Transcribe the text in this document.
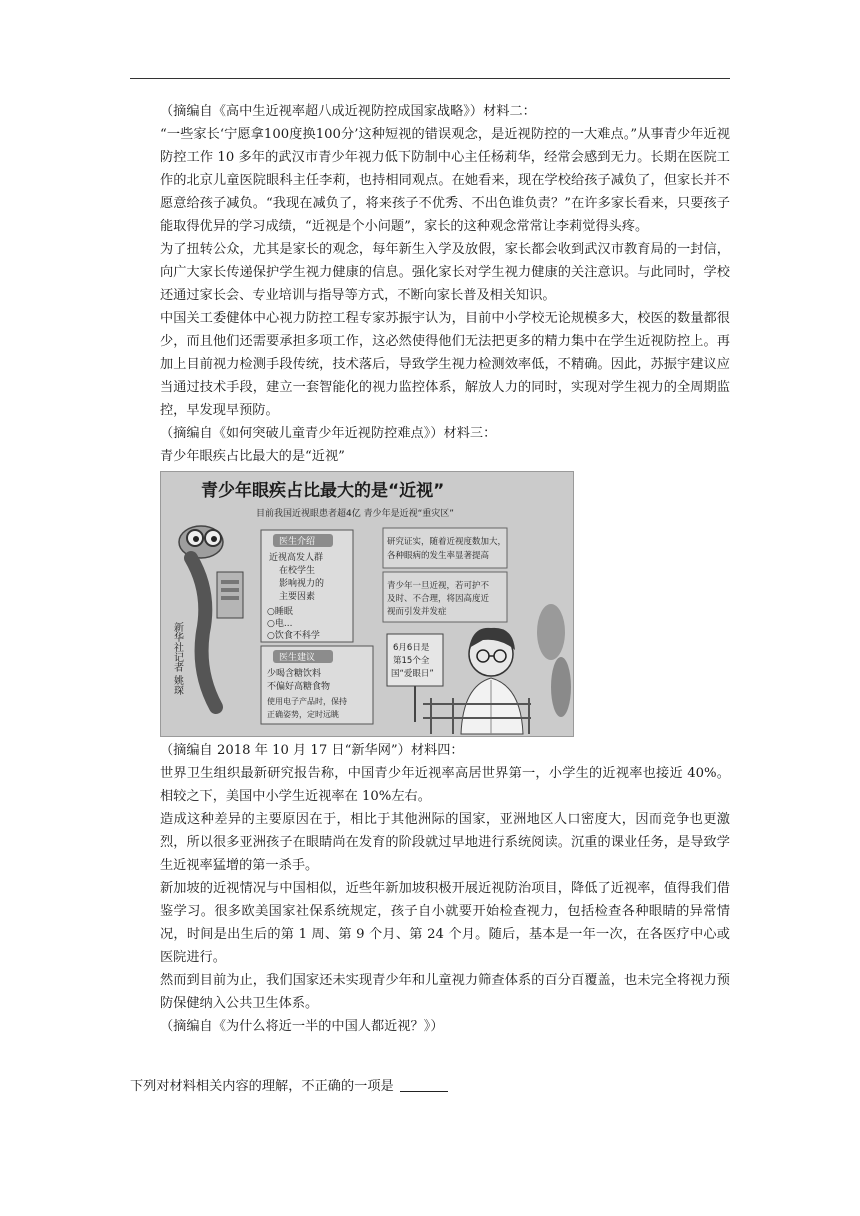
（摘编自《高中生近视率超八成近视防控成国家战略》）材料二：

“一些家长‘宁愿拿100度换100分’这种短视的错误观念，是近视防控的一大难点。”从事青少年近视防控工作 10 多年的武汉市青少年视力低下防制中心主任杨莉华，经常会感到无力。长期在医院工作的北京儿童医院眼科主任李莉，也持相同观点。在她看来，现在学校给孩子减负了，但家长并不愿意给孩子减负。“我现在减负了，将来孩子不优秀、不出色谁负责？”在许多家长看来，只要孩子能取得优异的学习成绩，“近视是个小问题”，家长的这种观念常常让李莉觉得头疼。

为了扭转公众，尤其是家长的观念，每年新生入学及放假，家长都会收到武汉市教育局的一封信，向广大家长传递保护学生视力健康的信息。强化家长对学生视力健康的关注意识。与此同时，学校还通过家长会、专业培训与指导等方式，不断向家长普及相关知识。

中国关工委健体中心视力防控工程专家苏振宇认为，目前中小学校无论规模多大，校医的数量都很少，而且他们还需要承担多项工作，这必然使得他们无法把更多的精力集中在学生近视防控上。再加上目前视力检测手段传统，技术落后，导致学生视力检测效率低，不精确。因此，苏振宇建议应当通过技术手段，建立一套智能化的视力监控体系，解放人力的同时，实现对学生视力的全周期监控，早发现早预防。

（摘编自《如何突破儿童青少年近视防控难点》）材料三：

青少年眼疾占比最大的是“近视”

青少年眼疾占比最大的是“近视”
目前我国近视眼患者超4亿 青少年是近视“重灾区”
新华社记者 姚琛
医生介绍
近视高发人群
在校学生
影响视力的
主要因素
○睡眠
○电...
○饮食不科学
医生建议
少喝含糖饮料
不偏好高糖食物
使用电子产品时，保持
正确姿势，定时远眺
研究证实，随着近视度数加大，
各种眼病的发生率显著提高
青少年一旦近视，若可护不
及时、不合理，将因高度近
视而引发并发症
6月6日是
第15个全
国“爱眼日”

（摘编自 2018 年 10 月 17 日“新华网”）材料四：

世界卫生组织最新研究报告称，中国青少年近视率高居世界第一，小学生的近视率也接近 40%。相较之下，美国中小学生近视率在 10%左右。

造成这种差异的主要原因在于，相比于其他洲际的国家，亚洲地区人口密度大，因而竞争也更激烈，所以很多亚洲孩子在眼睛尚在发育的阶段就过早地进行系统阅读。沉重的课业任务，是导致学生近视率猛增的第一杀手。

新加坡的近视情况与中国相似，近些年新加坡积极开展近视防治项目，降低了近视率，值得我们借鉴学习。很多欧美国家社保系统规定，孩子自小就要开始检查视力，包括检查各种眼睛的异常情况，时间是出生后的第 1 周、第 9 个月、第 24 个月。随后，基本是一年一次，在各医疗中心或医院进行。

然而到目前为止，我们国家还未实现青少年和儿童视力筛查体系的百分百覆盖，也未完全将视力预防保健纳入公共卫生体系。

（摘编自《为什么将近一半的中国人都近视？》）

下列对材料相关内容的理解，不正确的一项是
